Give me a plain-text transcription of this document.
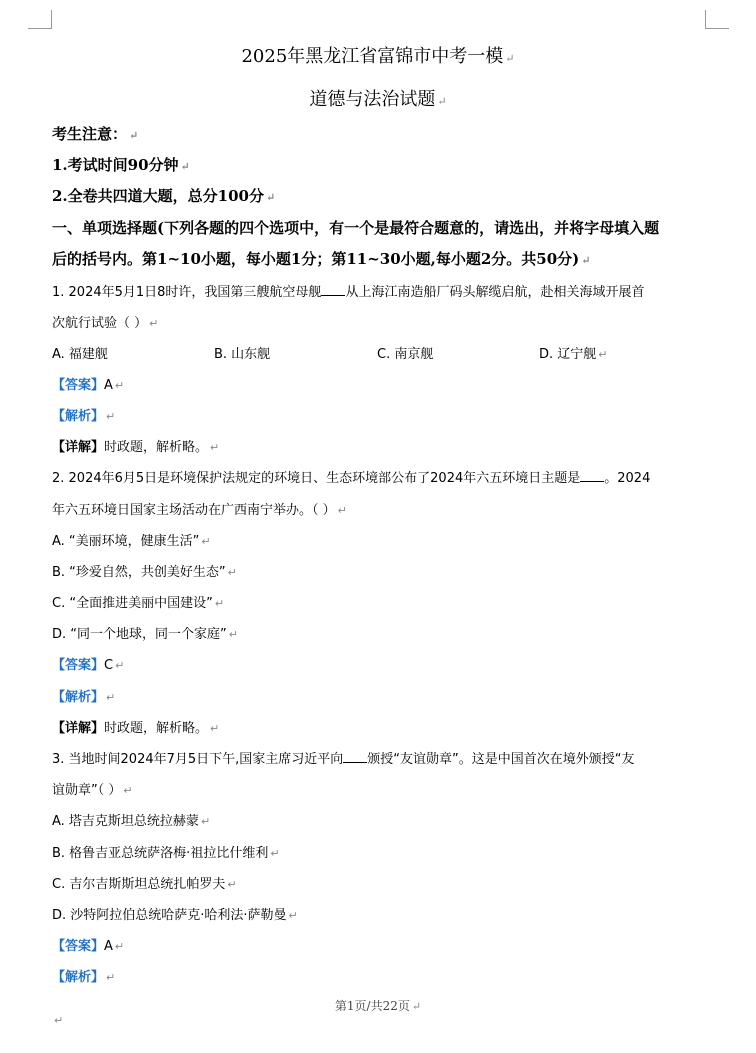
2025年黑龙江省富锦市中考一模 ↵
道德与法治试题 ↵
考生注意： ↵
1.考试时间90分钟 ↵
2.全卷共四道大题，总分100分 ↵
一、单项选择题(下列各题的四个选项中，有一个是最符合题意的，请选出，并将字母填入题
后的括号内。第1~10小题，每小题1分；第11~30小题,每小题2分。共50分) ↵
1. 2024年5月1日8时许，我国第三艘航空母舰 从上海江南造船厂码头解缆启航，赴相关海域开展首
次航行试验（ ） ↵
A. 福建舰	B. 山东舰	C. 南京舰	D. 辽宁舰 ↵
【答案】A ↵
【解析】 ↵
【详解】时政题，解析略。 ↵
2. 2024年6月5日是环境保护法规定的环境日、生态环境部公布了2024年六五环境日主题是 。2024
年六五环境日国家主场活动在广西南宁举办。（ ） ↵
A. “美丽环境，健康生活” ↵
B. “珍爱自然，共创美好生态” ↵
C. “全面推进美丽中国建设” ↵
D. “同一个地球，同一个家庭” ↵
【答案】C ↵
【解析】 ↵
【详解】时政题，解析略。 ↵
3. 当地时间2024年7月5日下午,国家主席习近平向 颁授“友谊勋章”。这是中国首次在境外颁授“友
谊勋章”（ ） ↵
A. 塔吉克斯坦总统拉赫蒙 ↵
B. 格鲁吉亚总统萨洛梅·祖拉比什维利 ↵
C. 吉尔吉斯斯坦总统扎帕罗夫 ↵
D. 沙特阿拉伯总统哈萨克·哈利法·萨勒曼 ↵
【答案】A ↵
【解析】 ↵
第1页/共22页 ↵
↵
